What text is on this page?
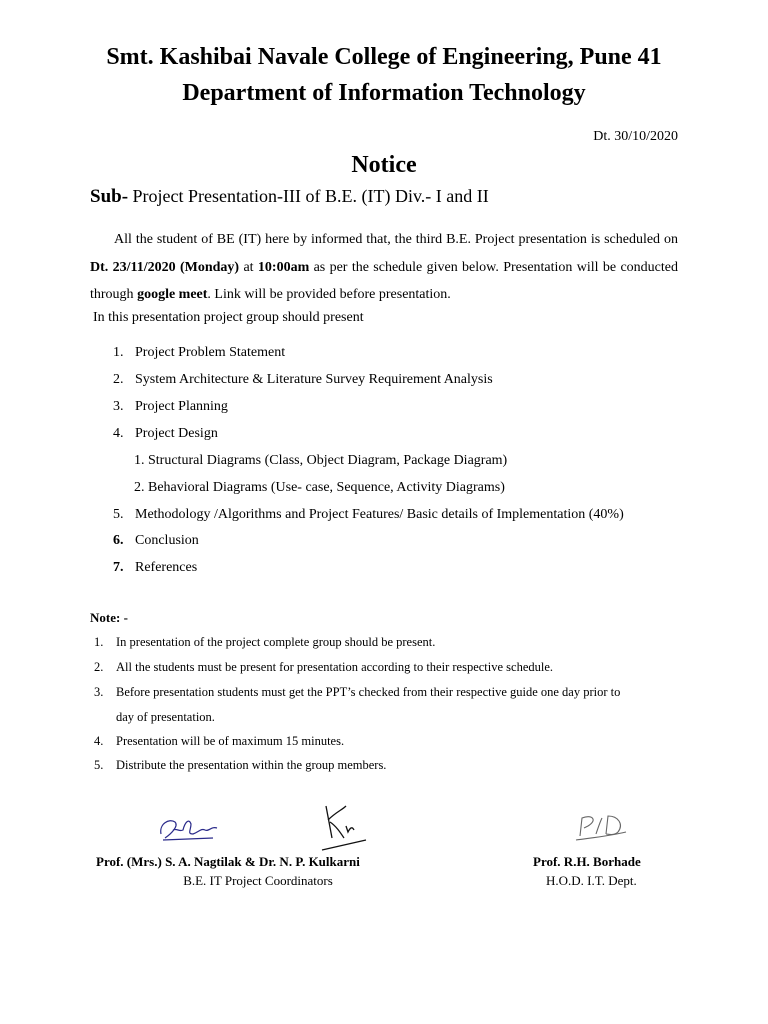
Smt. Kashibai Navale College of Engineering, Pune 41
Department of Information Technology
Dt. 30/10/2020
Notice
Sub- Project Presentation-III of B.E. (IT) Div.- I and II

All the student of BE (IT) here by informed that, the third B.E. Project presentation is scheduled on Dt. 23/11/2020 (Monday) at 10:00am as per the schedule given below. Presentation will be conducted through google meet. Link will be provided before presentation.

In this presentation project group should present
1. Project Problem Statement
2. System Architecture & Literature Survey Requirement Analysis
3. Project Planning
4. Project Design
1. Structural Diagrams (Class, Object Diagram, Package Diagram)
2. Behavioral Diagrams (Use- case, Sequence, Activity Diagrams)
5. Methodology /Algorithms and Project Features/ Basic details of Implementation (40%)
6. Conclusion
7. References
Note: -
1. In presentation of the project complete group should be present.
2. All the students must be present for presentation according to their respective schedule.
3. Before presentation students must get the PPT’s checked from their respective guide one day prior to
day of presentation.
4. Presentation will be of maximum 15 minutes.
5. Distribute the presentation within the group members.
Prof. (Mrs.) S. A. Nagtilak & Dr. N. P. Kulkarni
B.E. IT Project Coordinators
Prof. R.H. Borhade
H.O.D. I.T. Dept.
